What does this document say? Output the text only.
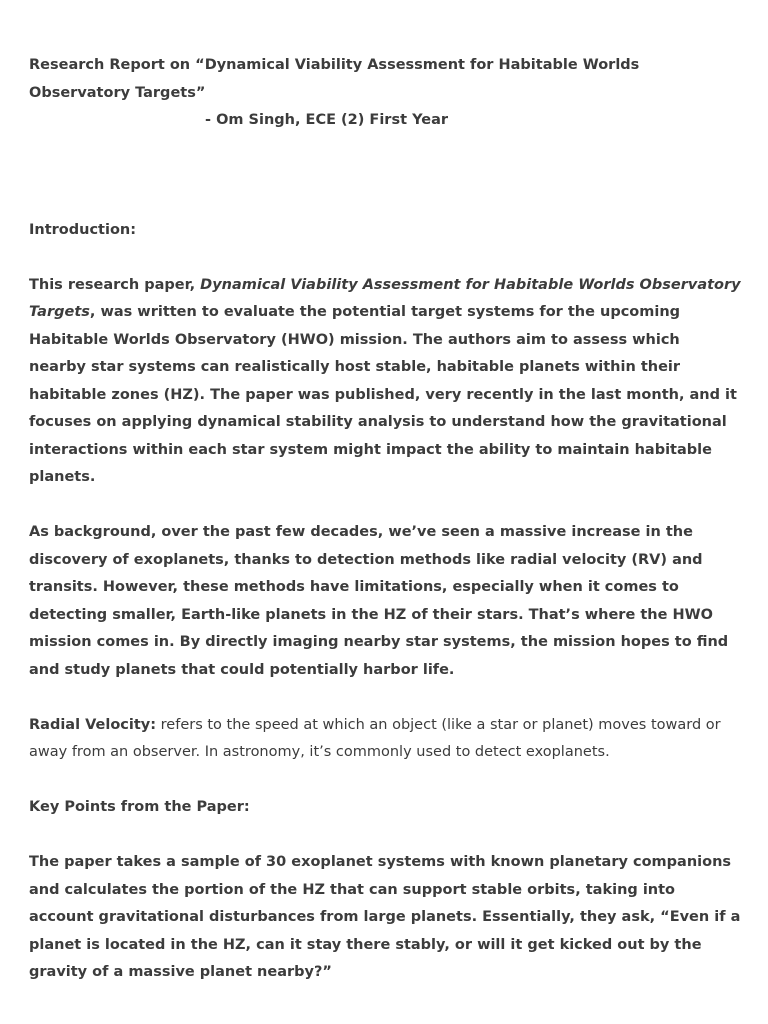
Research Report on “Dynamical Viability Assessment for Habitable Worlds Observatory Targets”

- Om Singh, ECE (2) First Year

Introduction:

This research paper, Dynamical Viability Assessment for Habitable Worlds Observatory Targets, was written to evaluate the potential target systems for the upcoming Habitable Worlds Observatory (HWO) mission. The authors aim to assess which nearby star systems can realistically host stable, habitable planets within their habitable zones (HZ). The paper was published, very recently in the last month, and it focuses on applying dynamical stability analysis to understand how the gravitational interactions within each star system might impact the ability to maintain habitable planets.

As background, over the past few decades, we’ve seen a massive increase in the discovery of exoplanets, thanks to detection methods like radial velocity (RV) and transits. However, these methods have limitations, especially when it comes to detecting smaller, Earth-like planets in the HZ of their stars. That’s where the HWO mission comes in. By directly imaging nearby star systems, the mission hopes to find and study planets that could potentially harbor life.

Radial Velocity: refers to the speed at which an object (like a star or planet) moves toward or away from an observer. In astronomy, it’s commonly used to detect exoplanets.

Key Points from the Paper:

The paper takes a sample of 30 exoplanet systems with known planetary companions and calculates the portion of the HZ that can support stable orbits, taking into account gravitational disturbances from large planets. Essentially, they ask, “Even if a planet is located in the HZ, can it stay there stably, or will it get kicked out by the gravity of a massive planet nearby?”
